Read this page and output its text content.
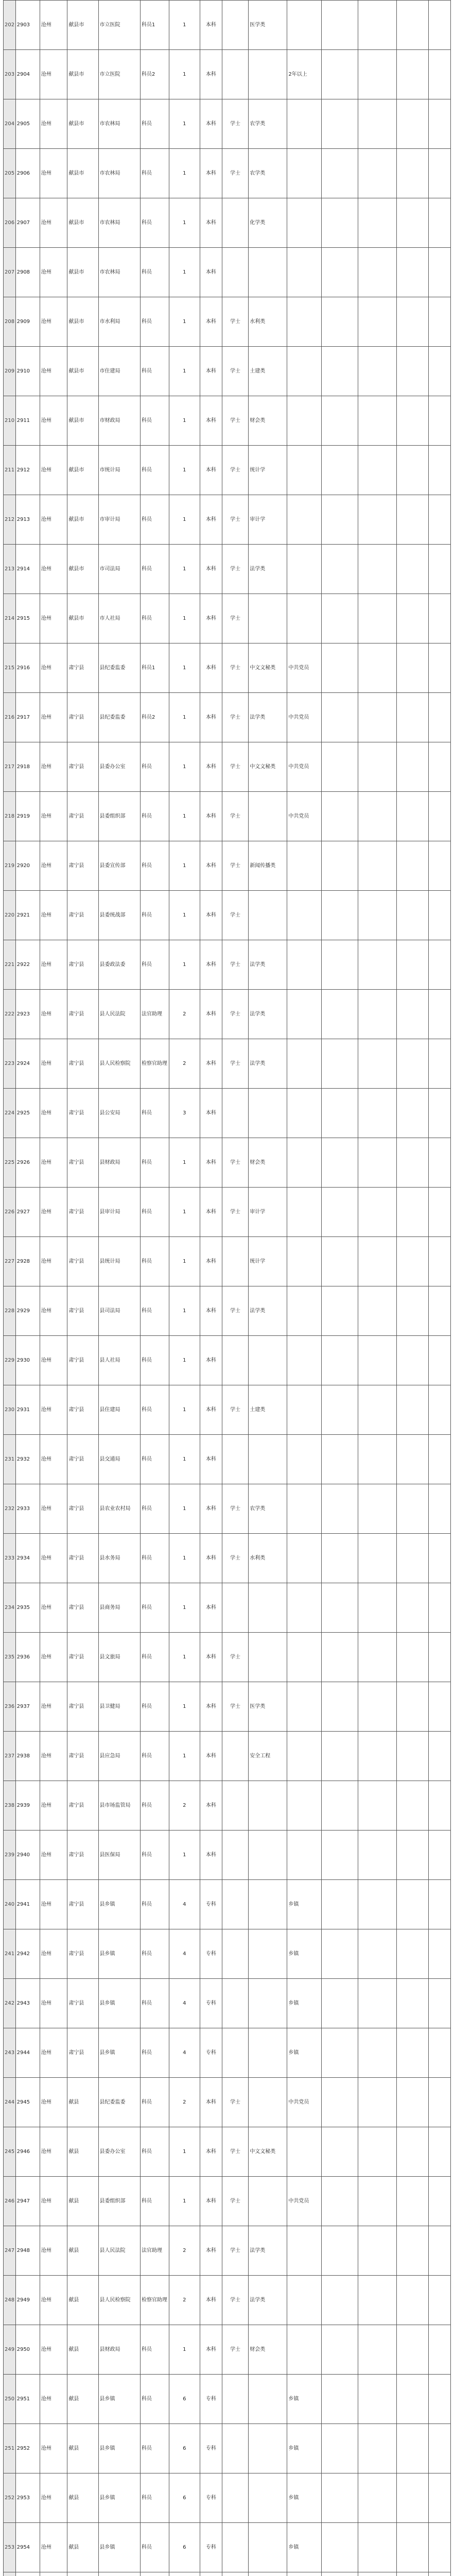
202	2903	沧州	献县市	市立医院	科员1	1	本科		医学类					
203	2904	沧州	献县市	市立医院	科员2	1	本科			2年以上				
204	2905	沧州	献县市	市农林局	科员	1	本科	学士	农学类					
205	2906	沧州	献县市	市农林局	科员	1	本科	学士	农学类					
206	2907	沧州	献县市	市农林局	科员	1	本科		化学类					
207	2908	沧州	献县市	市农林局	科员	1	本科							
208	2909	沧州	献县市	市水利局	科员	1	本科	学士	水利类					
209	2910	沧州	献县市	市住建局	科员	1	本科	学士	土建类					
210	2911	沧州	献县市	市财政局	科员	1	本科	学士	财会类					
211	2912	沧州	献县市	市统计局	科员	1	本科	学士	统计学					
212	2913	沧州	献县市	市审计局	科员	1	本科	学士	审计学					
213	2914	沧州	献县市	市司法局	科员	1	本科	学士	法学类					
214	2915	沧州	献县市	市人社局	科员	1	本科	学士						
215	2916	沧州	肃宁县	县纪委监委	科员1	1	本科	学士	中文文秘类	中共党员				
216	2917	沧州	肃宁县	县纪委监委	科员2	1	本科	学士	法学类	中共党员				
217	2918	沧州	肃宁县	县委办公室	科员	1	本科	学士	中文文秘类	中共党员				
218	2919	沧州	肃宁县	县委组织部	科员	1	本科	学士		中共党员				
219	2920	沧州	肃宁县	县委宣传部	科员	1	本科	学士	新闻传播类					
220	2921	沧州	肃宁县	县委统战部	科员	1	本科	学士						
221	2922	沧州	肃宁县	县委政法委	科员	1	本科	学士	法学类					
222	2923	沧州	肃宁县	县人民法院	法官助理	2	本科	学士	法学类					
223	2924	沧州	肃宁县	县人民检察院	检察官助理	2	本科	学士	法学类					
224	2925	沧州	肃宁县	县公安局	科员	3	本科							
225	2926	沧州	肃宁县	县财政局	科员	1	本科	学士	财会类					
226	2927	沧州	肃宁县	县审计局	科员	1	本科	学士	审计学					
227	2928	沧州	肃宁县	县统计局	科员	1	本科		统计学					
228	2929	沧州	肃宁县	县司法局	科员	1	本科	学士	法学类					
229	2930	沧州	肃宁县	县人社局	科员	1	本科							
230	2931	沧州	肃宁县	县住建局	科员	1	本科	学士	土建类					
231	2932	沧州	肃宁县	县交通局	科员	1	本科							
232	2933	沧州	肃宁县	县农业农村局	科员	1	本科	学士	农学类					
233	2934	沧州	肃宁县	县水务局	科员	1	本科	学士	水利类					
234	2935	沧州	肃宁县	县商务局	科员	1	本科							
235	2936	沧州	肃宁县	县文旅局	科员	1	本科	学士						
236	2937	沧州	肃宁县	县卫健局	科员	1	本科	学士	医学类					
237	2938	沧州	肃宁县	县应急局	科员	1	本科		安全工程					
238	2939	沧州	肃宁县	县市场监管局	科员	2	本科							
239	2940	沧州	肃宁县	县医保局	科员	1	本科							
240	2941	沧州	肃宁县	县乡镇	科员	4	专科			乡镇				
241	2942	沧州	肃宁县	县乡镇	科员	4	专科			乡镇				
242	2943	沧州	肃宁县	县乡镇	科员	4	专科			乡镇				
243	2944	沧州	肃宁县	县乡镇	科员	4	专科			乡镇				
244	2945	沧州	献县	县纪委监委	科员	2	本科	学士		中共党员				
245	2946	沧州	献县	县委办公室	科员	1	本科	学士	中文文秘类					
246	2947	沧州	献县	县委组织部	科员	1	本科	学士		中共党员				
247	2948	沧州	献县	县人民法院	法官助理	2	本科	学士	法学类					
248	2949	沧州	献县	县人民检察院	检察官助理	2	本科	学士	法学类					
249	2950	沧州	献县	县财政局	科员	1	本科	学士	财会类					
250	2951	沧州	献县	县乡镇	科员	6	专科			乡镇				
251	2952	沧州	献县	县乡镇	科员	6	专科			乡镇				
252	2953	沧州	献县	县乡镇	科员	6	专科			乡镇				
253	2954	沧州	献县	县乡镇	科员	6	专科			乡镇				
